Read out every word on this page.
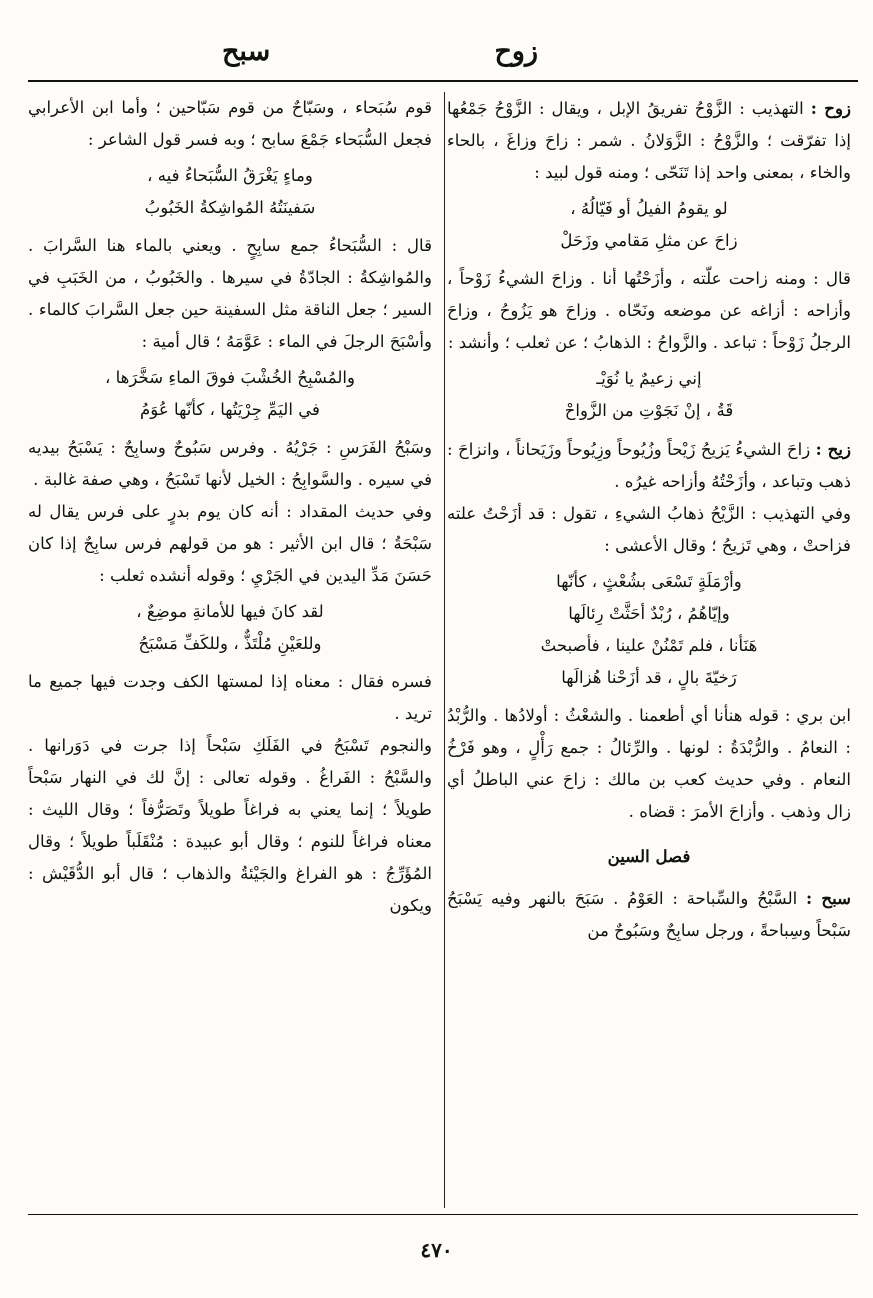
زوح
سبح

زوح : التهذيب : الزَّوْحُ تفريقُ الإبل ، ويقال : الزَّوْحُ جَمْعُها إذا تفرّقت ؛ والزَّوْحُ : الزَّوَلانُ . شمر : زاحَ وزاغَ ، بالحاء والخاء ، بمعنى واحد إذا تَنَحّى ؛ ومنه قول لبيد :

لو يقومُ الفيلُ أو فَيّالُهُ ،
زاحَ عن مثلِ مَقامي وزَحَلْ

قال : ومنه زاحت علّته ، وأزَحْتُها أنا . وزاحَ الشيءُ زَوْحاً ، وأزاحه : أزاغه عن موضعه ونَحّاه . وزاحَ هو يَزُوحُ ، وزاحَ الرجلُ زَوْحاً : تباعد . والزَّواحُ : الذهابُ ؛ عن ثعلب ؛ وأنشد :

إني زعيمٌ يا نُوَيْـ
قَةُ ، إنْ نَجَوْتِ من الزَّواحْ

زيح : زاحَ الشيءُ يَزيحُ زَيْحاً وزُيُوحاً وزِيُوحاً وزَيَحاناً ، وانزاحَ : ذهب وتباعد ، وأزَحْتُهُ وأزاحه غيرُه .

وفي التهذيب : الزَّيْحُ ذهابُ الشيءِ ، تقول : قد أزَحْتُ علته فزاحتْ ، وهي تَزيحُ ؛ وقال الأعشى :

وأرْمَلَةٍ تَسْعَى بشُعْثٍ ، كأنّها
وإيّاهُمُ ، رُبْدٌ أحَثَّتْ رِئالَها
هَنَأنا ، فلم تَمْنُنْ علينا ، فأصبحتْ
رَخيّةَ بالٍ ، قد أزَحْنا هُزالَها

ابن بري : قوله هنأنا أي أطعمنا . والشعْثُ : أولادُها . والرُّبْدُ : النعامُ . والرُّبْدَةُ : لونها . والرِّئالُ : جمع رَأْلٍ ، وهو فَرْخُ النعام . وفي حديث كعب بن مالك : زاحَ عني الباطلُ أي زال وذهب . وأزاحَ الأمرَ : قضاه .

فصل السين

سبح : السَّبْحُ والسِّباحة : العَوْمُ . سَبَحَ بالنهر وفيه يَسْبَحُ سَبْحاً وسِباحةً ، ورجل سابِحٌ وسَبُوحٌ من

قوم سُبَحاء ، وسَبّاحٌ من قوم سَبّاحين ؛ وأما ابن الأعرابي فجعل السُّبَحاء جَمْعَ سابح ؛ وبه فسر قول الشاعر :

وماءٍ يَغْرَقُ السُّبَحاءُ فيه ،
سَفينَتُهُ المُواشِكةُ الخَبُوبُ

قال : السُّبَحاءُ جمع سابِحٍ . ويعني بالماء هنا السَّرابَ . والمُواشِكةُ : الجادّةُ في سيرها . والخَبُوبُ ، من الخَبَبِ في السير ؛ جعل الناقة مثل السفينة حين جعل السَّرابَ كالماء . وأسْبَحَ الرجلَ في الماء : عَوَّمَهُ ؛ قال أمية :

والمُسْبِحُ الخُشْبَ فوقَ الماءِ سَخَّرَها ،
في اليَمِّ جِرْيَتُها ، كأنّها عُوَمُ

وسَبْحُ الفَرَسِ : جَرْيُهُ . وفرس سَبُوحٌ وسابِحٌ : يَسْبَحُ بيديه في سيره . والسَّوابِحُ : الخيل لأنها تَسْبَحُ ، وهي صفة غالبة .

وفي حديث المقداد : أنه كان يوم بدرٍ على فرس يقال له سَبْحَةُ ؛ قال ابن الأثير : هو من قولهم فرس سابِحٌ إذا كان حَسَنَ مَدِّ اليدين في الجَرْيِ ؛ وقوله أنشده ثعلب :

لقد كانَ فيها للأمانةِ موضِعٌ ،
وللعَيْنِ مُلْتَذٌّ ، وللكَفِّ مَسْبَحُ

فسره فقال : معناه إذا لمستها الكف وجدت فيها جميع ما تريد .

والنجوم تَسْبَحُ في الفَلَكِ سَبْحاً إذا جرت في دَوَرانها . والسَّبْحُ : الفَراغُ . وقوله تعالى : إنَّ لك في النهار سَبْحاً طويلاً ؛ إنما يعني به فراغاً طويلاً وتَصَرُّفاً ؛ وقال الليث : معناه فراغاً للنوم ؛ وقال أبو عبيدة : مُنْقَلَباً طويلاً ؛ وقال المُؤَرِّجُ : هو الفراغ والجَيْئةُ والذهاب ؛ قال أبو الدُّقَيْش : ويكون

٤٧٠
